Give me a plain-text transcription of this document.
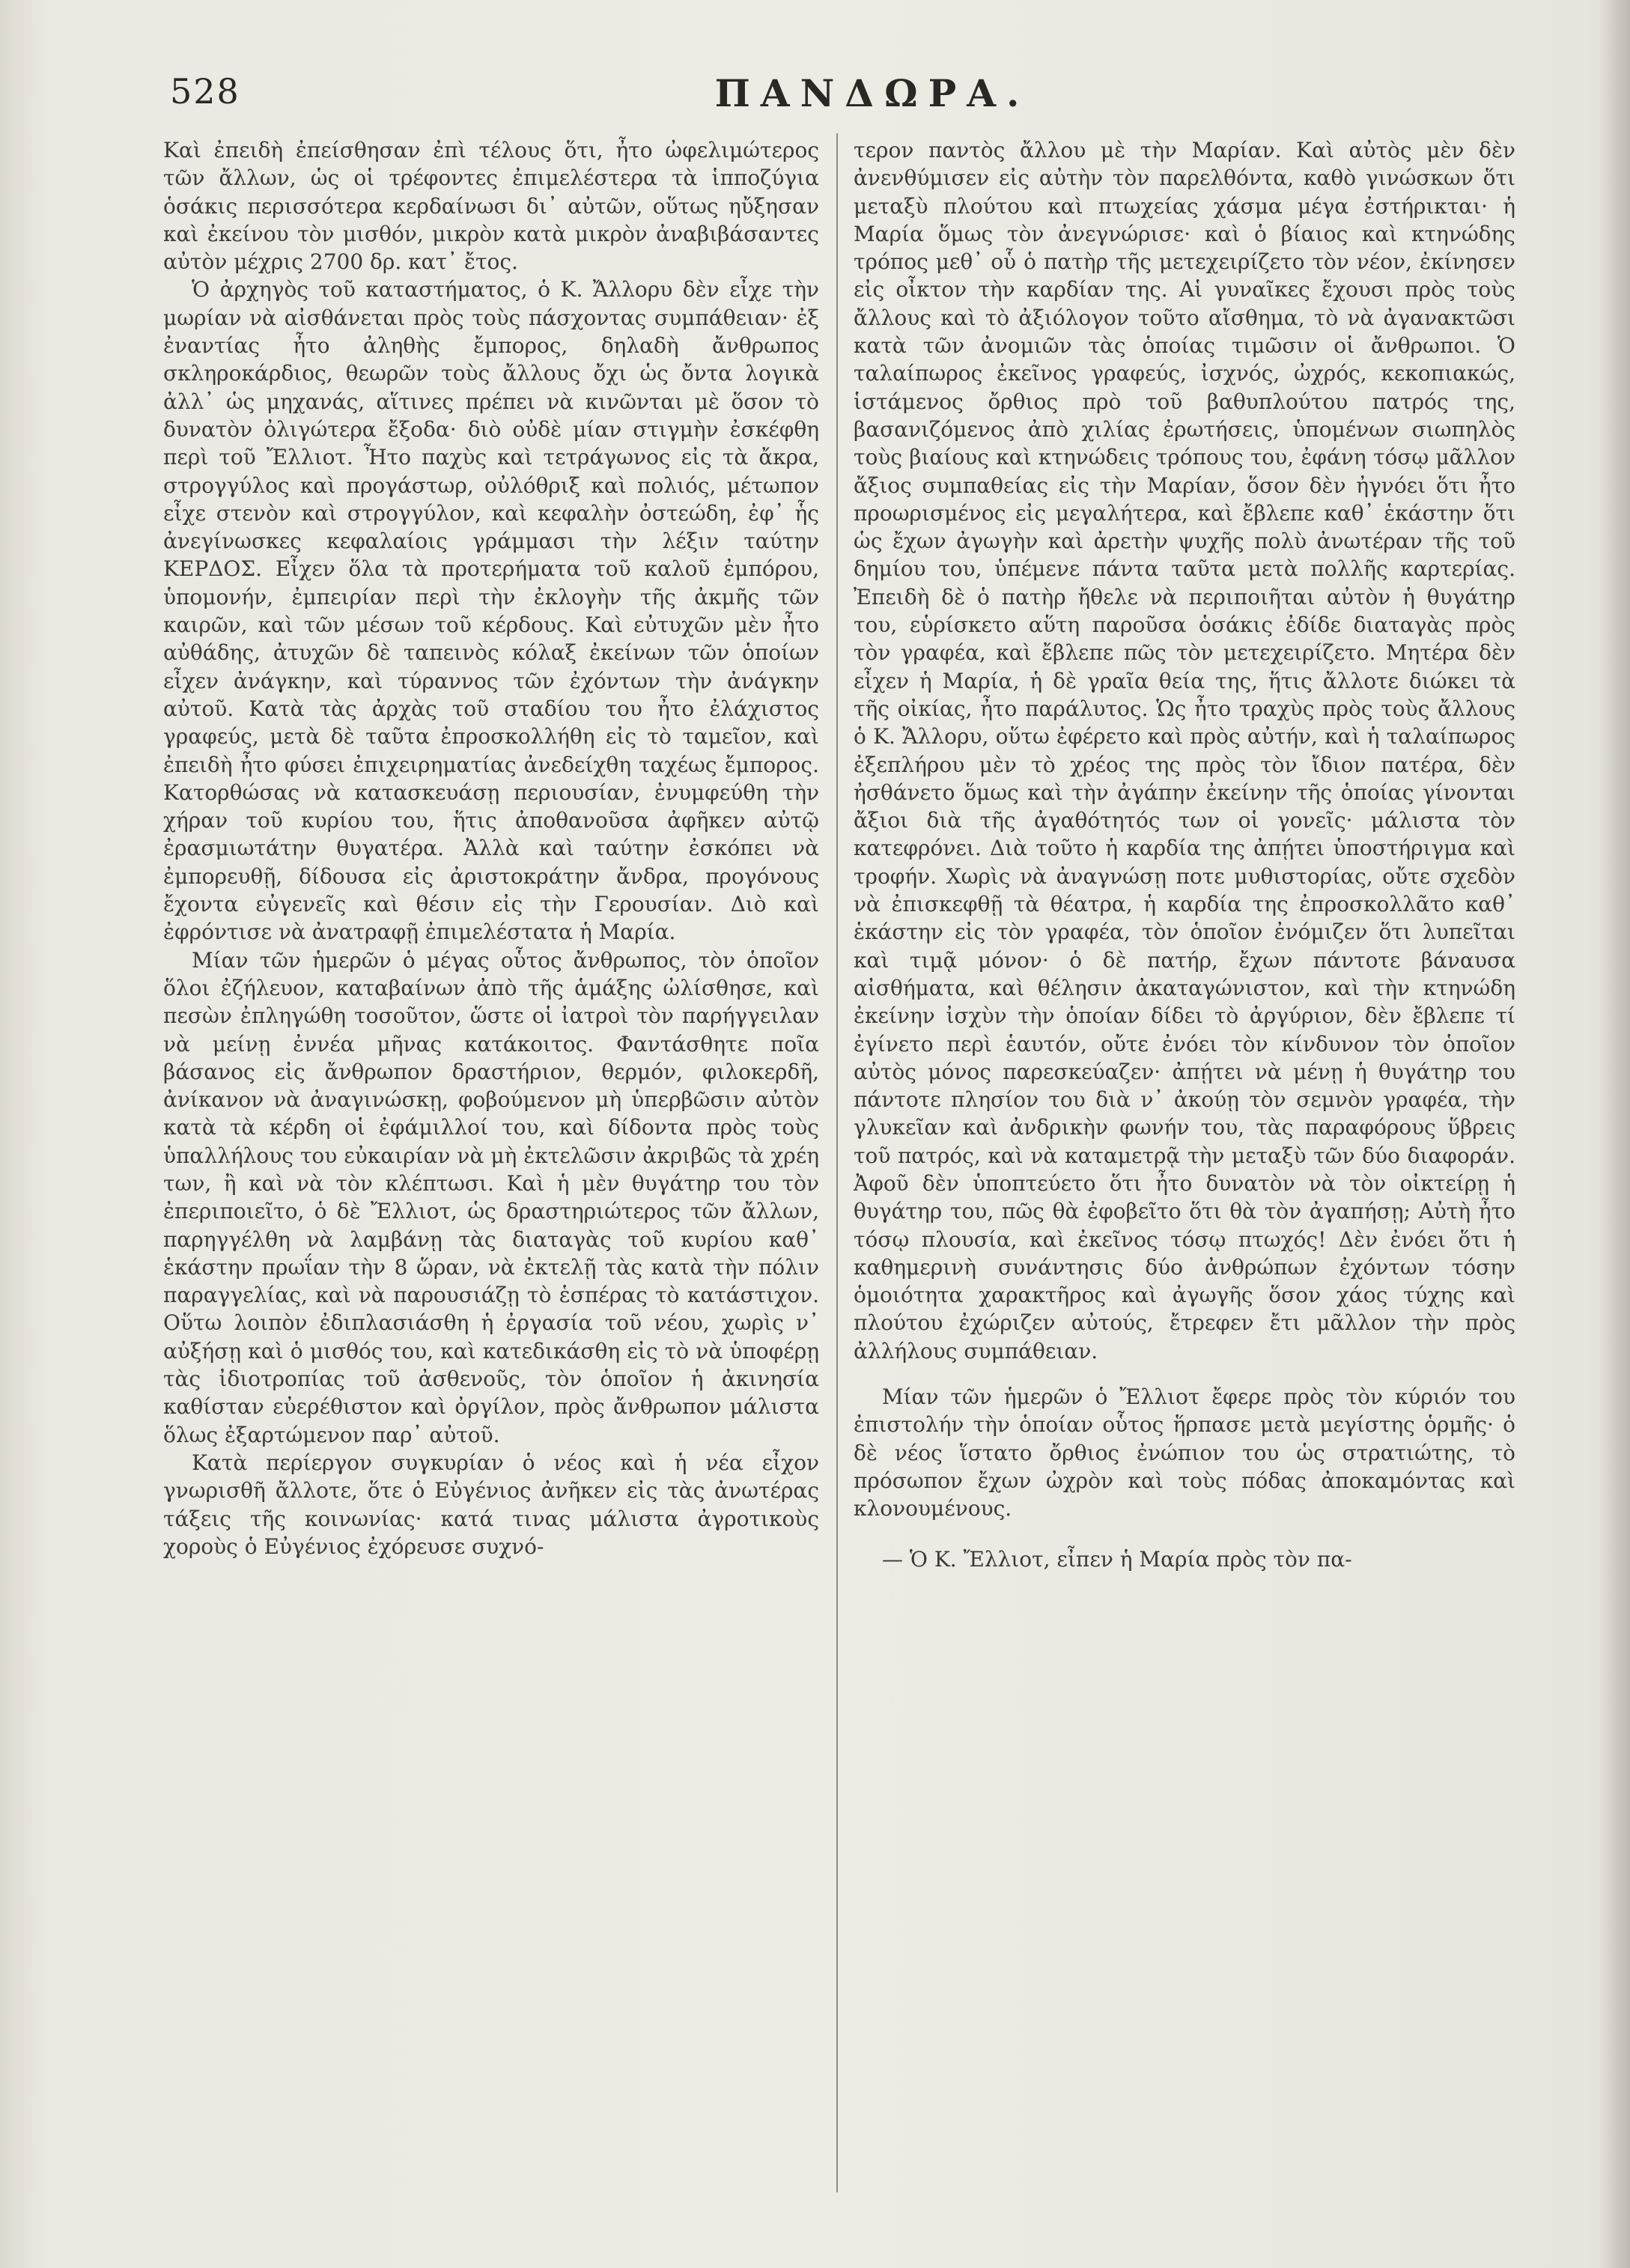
528	ΠΑΝΔΩΡΑ.

Καὶ ἐπειδὴ ἐπείσθησαν ἐπὶ τέλους ὅτι, ἦτο ὠφελιμώτερος τῶν ἄλλων, ὡς οἱ τρέφοντες ἐπιμελέστερα τὰ ἱπποζύγια ὁσάκις περισσότερα κερδαίνωσι δι᾽ αὐτῶν, οὕτως ηὔξησαν καὶ ἐκείνου τὸν μισθόν, μικρὸν κατὰ μικρὸν ἀναβιβάσαντες αὐτὸν μέχρις 2700 δρ. κατ᾽ ἔτος.

Ὁ ἀρχηγὸς τοῦ καταστήματος, ὁ Κ. Ἄλλορυ δὲν εἶχε τὴν μωρίαν νὰ αἰσθάνεται πρὸς τοὺς πάσχοντας συμπάθειαν· ἐξ ἐναντίας ἦτο ἀληθὴς ἔμπορος, δηλαδὴ ἄνθρωπος σκληροκάρδιος, θεωρῶν τοὺς ἄλλους ὄχι ὡς ὄντα λογικὰ ἀλλ᾽ ὡς μηχανάς, αἵτινες πρέπει νὰ κινῶνται μὲ ὅσον τὸ δυνατὸν ὀλιγώτερα ἔξοδα· διὸ οὐδὲ μίαν στιγμὴν ἐσκέφθη περὶ τοῦ Ἔλλιοτ. Ἦτο παχὺς καὶ τετράγωνος εἰς τὰ ἄκρα, στρογγύλος καὶ προγάστωρ, οὐλόθριξ καὶ πολιός, μέτωπον εἶχε στενὸν καὶ στρογγύλον, καὶ κεφαλὴν ὀστεώδη, ἐφ᾽ ἧς ἀνεγίνωσκες κεφαλαίοις γράμμασι τὴν λέξιν ταύτην ΚΕΡΔΟΣ. Εἶχεν ὅλα τὰ προτερήματα τοῦ καλοῦ ἐμπόρου, ὑπομονήν, ἐμπειρίαν περὶ τὴν ἐκλογὴν τῆς ἀκμῆς τῶν καιρῶν, καὶ τῶν μέσων τοῦ κέρδους. Καὶ εὐτυχῶν μὲν ἦτο αὐθάδης, ἀτυχῶν δὲ ταπεινὸς κόλαξ ἐκείνων τῶν ὁποίων εἶχεν ἀνάγκην, καὶ τύραννος τῶν ἐχόντων τὴν ἀνάγκην αὐτοῦ. Κατὰ τὰς ἀρχὰς τοῦ σταδίου του ἦτο ἐλάχιστος γραφεύς, μετὰ δὲ ταῦτα ἐπροσκολλήθη εἰς τὸ ταμεῖον, καὶ ἐπειδὴ ἦτο φύσει ἐπιχειρηματίας ἀνεδείχθη ταχέως ἔμπορος. Κατορθώσας νὰ κατασκευάσῃ περιουσίαν, ἐνυμφεύθη τὴν χήραν τοῦ κυρίου του, ἥτις ἀποθανοῦσα ἀφῆκεν αὐτῷ ἐρασμιωτάτην θυγατέρα. Ἀλλὰ καὶ ταύτην ἐσκόπει νὰ ἐμπορευθῇ, δίδουσα εἰς ἀριστοκράτην ἄνδρα, προγόνους ἔχοντα εὐγενεῖς καὶ θέσιν εἰς τὴν Γερουσίαν. Διὸ καὶ ἐφρόντισε νὰ ἀνατραφῇ ἐπιμελέστατα ἡ Μαρία.

Μίαν τῶν ἡμερῶν ὁ μέγας οὗτος ἄνθρωπος, τὸν ὁποῖον ὅλοι ἐζήλευον, καταβαίνων ἀπὸ τῆς ἁμάξης ὠλίσθησε, καὶ πεσὼν ἐπληγώθη τοσοῦτον, ὥστε οἱ ἰατροὶ τὸν παρήγγειλαν νὰ μείνῃ ἐννέα μῆνας κατάκοιτος. Φαντάσθητε ποῖα βάσανος εἰς ἄνθρωπον δραστήριον, θερμόν, φιλοκερδῆ, ἀνίκανον νὰ ἀναγινώσκῃ, φοβούμενον μὴ ὑπερβῶσιν αὐτὸν κατὰ τὰ κέρδη οἱ ἐφάμιλλοί του, καὶ δίδοντα πρὸς τοὺς ὑπαλλήλους του εὐκαιρίαν νὰ μὴ ἐκτελῶσιν ἀκριβῶς τὰ χρέη των, ἢ καὶ νὰ τὸν κλέπτωσι. Καὶ ἡ μὲν θυγάτηρ του τὸν ἐπεριποιεῖτο, ὁ δὲ Ἔλλιοτ, ὡς δραστηριώτερος τῶν ἄλλων, παρηγγέλθη νὰ λαμβάνῃ τὰς διαταγὰς τοῦ κυρίου καθ᾽ ἑκάστην πρωΐαν τὴν 8 ὥραν, νὰ ἐκτελῇ τὰς κατὰ τὴν πόλιν παραγγελίας, καὶ νὰ παρουσιάζῃ τὸ ἑσπέρας τὸ κατάστιχον. Οὕτω λοιπὸν ἐδιπλασιάσθη ἡ ἐργασία τοῦ νέου, χωρὶς ν᾽ αὐξήσῃ καὶ ὁ μισθός του, καὶ κατεδικάσθη εἰς τὸ νὰ ὑποφέρῃ τὰς ἰδιοτροπίας τοῦ ἀσθενοῦς, τὸν ὁποῖον ἡ ἀκινησία καθίσταν εὐερέθιστον καὶ ὀργίλον, πρὸς ἄνθρωπον μάλιστα ὅλως ἐξαρτώμενον παρ᾽ αὐτοῦ.

Κατὰ περίεργον συγκυρίαν ὁ νέος καὶ ἡ νέα εἶχον γνωρισθῆ ἄλλοτε, ὅτε ὁ Εὐγένιος ἀνῆκεν εἰς τὰς ἀνωτέρας τάξεις τῆς κοινωνίας· κατά τινας μάλιστα ἀγροτικοὺς χοροὺς ὁ Εὐγένιος ἐχόρευσε συχνό-

τερον παντὸς ἄλλου μὲ τὴν Μαρίαν. Καὶ αὐτὸς μὲν δὲν ἀνενθύμισεν εἰς αὐτὴν τὸν παρελθόντα, καθὸ γινώσκων ὅτι μεταξὺ πλούτου καὶ πτωχείας χάσμα μέγα ἐστήρικται· ἡ Μαρία ὅμως τὸν ἀνεγνώρισε· καὶ ὁ βίαιος καὶ κτηνώδης τρόπος μεθ᾽ οὗ ὁ πατὴρ τῆς μετεχειρίζετο τὸν νέον, ἐκίνησεν εἰς οἶκτον τὴν καρδίαν της. Αἱ γυναῖκες ἔχουσι πρὸς τοὺς ἄλλους καὶ τὸ ἀξιόλογον τοῦτο αἴσθημα, τὸ νὰ ἀγανακτῶσι κατὰ τῶν ἀνομιῶν τὰς ὁποίας τιμῶσιν οἱ ἄνθρωποι. Ὁ ταλαίπωρος ἐκεῖνος γραφεύς, ἰσχνός, ὠχρός, κεκοπιακώς, ἱστάμενος ὄρθιος πρὸ τοῦ βαθυπλούτου πατρός της, βασανιζόμενος ἀπὸ χιλίας ἐρωτήσεις, ὑπομένων σιωπηλὸς τοὺς βιαίους καὶ κτηνώδεις τρόπους του, ἐφάνη τόσῳ μᾶλλον ἄξιος συμπαθείας εἰς τὴν Μαρίαν, ὅσον δὲν ἠγνόει ὅτι ἦτο προωρισμένος εἰς μεγαλήτερα, καὶ ἔβλεπε καθ᾽ ἑκάστην ὅτι ὡς ἔχων ἀγωγὴν καὶ ἀρετὴν ψυχῆς πολὺ ἀνωτέραν τῆς τοῦ δημίου του, ὑπέμενε πάντα ταῦτα μετὰ πολλῆς καρτερίας. Ἐπειδὴ δὲ ὁ πατὴρ ἤθελε νὰ περιποιῆται αὐτὸν ἡ θυγάτηρ του, εὑρίσκετο αὕτη παροῦσα ὁσάκις ἐδίδε διαταγὰς πρὸς τὸν γραφέα, καὶ ἔβλεπε πῶς τὸν μετεχειρίζετο. Μητέρα δὲν εἶχεν ἡ Μαρία, ἡ δὲ γραῖα θεία της, ἥτις ἄλλοτε διώκει τὰ τῆς οἰκίας, ἦτο παράλυτος. Ὡς ἦτο τραχὺς πρὸς τοὺς ἄλλους ὁ Κ. Ἄλλορυ, οὕτω ἐφέρετο καὶ πρὸς αὐτήν, καὶ ἡ ταλαίπωρος ἐξεπλήρου μὲν τὸ χρέος της πρὸς τὸν ἴδιον πατέρα, δὲν ἠσθάνετο ὅμως καὶ τὴν ἀγάπην ἐκείνην τῆς ὁποίας γίνονται ἄξιοι διὰ τῆς ἀγαθότητός των οἱ γονεῖς· μάλιστα τὸν κατεφρόνει. Διὰ τοῦτο ἡ καρδία της ἀπῄτει ὑποστήριγμα καὶ τροφήν. Χωρὶς νὰ ἀναγνώσῃ ποτε μυθιστορίας, οὔτε σχεδὸν νὰ ἐπισκεφθῇ τὰ θέατρα, ἡ καρδία της ἐπροσκολλᾶτο καθ᾽ ἑκάστην εἰς τὸν γραφέα, τὸν ὁποῖον ἐνόμιζεν ὅτι λυπεῖται καὶ τιμᾷ μόνον· ὁ δὲ πατήρ, ἔχων πάντοτε βάναυσα αἰσθήματα, καὶ θέλησιν ἀκαταγώνιστον, καὶ τὴν κτηνώδη ἐκείνην ἰσχὺν τὴν ὁποίαν δίδει τὸ ἀργύριον, δὲν ἔβλεπε τί ἐγίνετο περὶ ἑαυτόν, οὔτε ἐνόει τὸν κίνδυνον τὸν ὁποῖον αὐτὸς μόνος παρεσκεύαζεν· ἀπῄτει νὰ μένῃ ἡ θυγάτηρ του πάντοτε πλησίον του διὰ ν᾽ ἀκούῃ τὸν σεμνὸν γραφέα, τὴν γλυκεῖαν καὶ ἀνδρικὴν φωνήν του, τὰς παραφόρους ὕβρεις τοῦ πατρός, καὶ νὰ καταμετρᾷ τὴν μεταξὺ τῶν δύο διαφοράν. Ἀφοῦ δὲν ὑποπτεύετο ὅτι ἦτο δυνατὸν νὰ τὸν οἰκτείρῃ ἡ θυγάτηρ του, πῶς θὰ ἐφοβεῖτο ὅτι θὰ τὸν ἀγαπήσῃ; Αὐτὴ ἦτο τόσῳ πλουσία, καὶ ἐκεῖνος τόσῳ πτωχός! Δὲν ἐνόει ὅτι ἡ καθημερινὴ συνάντησις δύο ἀνθρώπων ἐχόντων τόσην ὁμοιότητα χαρακτῆρος καὶ ἀγωγῆς ὅσον χάος τύχης καὶ πλούτου ἐχώριζεν αὐτούς, ἔτρεφεν ἔτι μᾶλλον τὴν πρὸς ἀλλήλους συμπάθειαν.

Μίαν τῶν ἡμερῶν ὁ Ἔλλιοτ ἔφερε πρὸς τὸν κύριόν του ἐπιστολήν τὴν ὁποίαν οὗτος ἥρπασε μετὰ μεγίστης ὁρμῆς· ὁ δὲ νέος ἵστατο ὄρθιος ἐνώπιον του ὡς στρατιώτης, τὸ πρόσωπον ἔχων ὠχρὸν καὶ τοὺς πόδας ἀποκαμόντας καὶ κλονουμένους.

— Ὁ Κ. Ἔλλιοτ, εἶπεν ἡ Μαρία πρὸς τὸν πα-
